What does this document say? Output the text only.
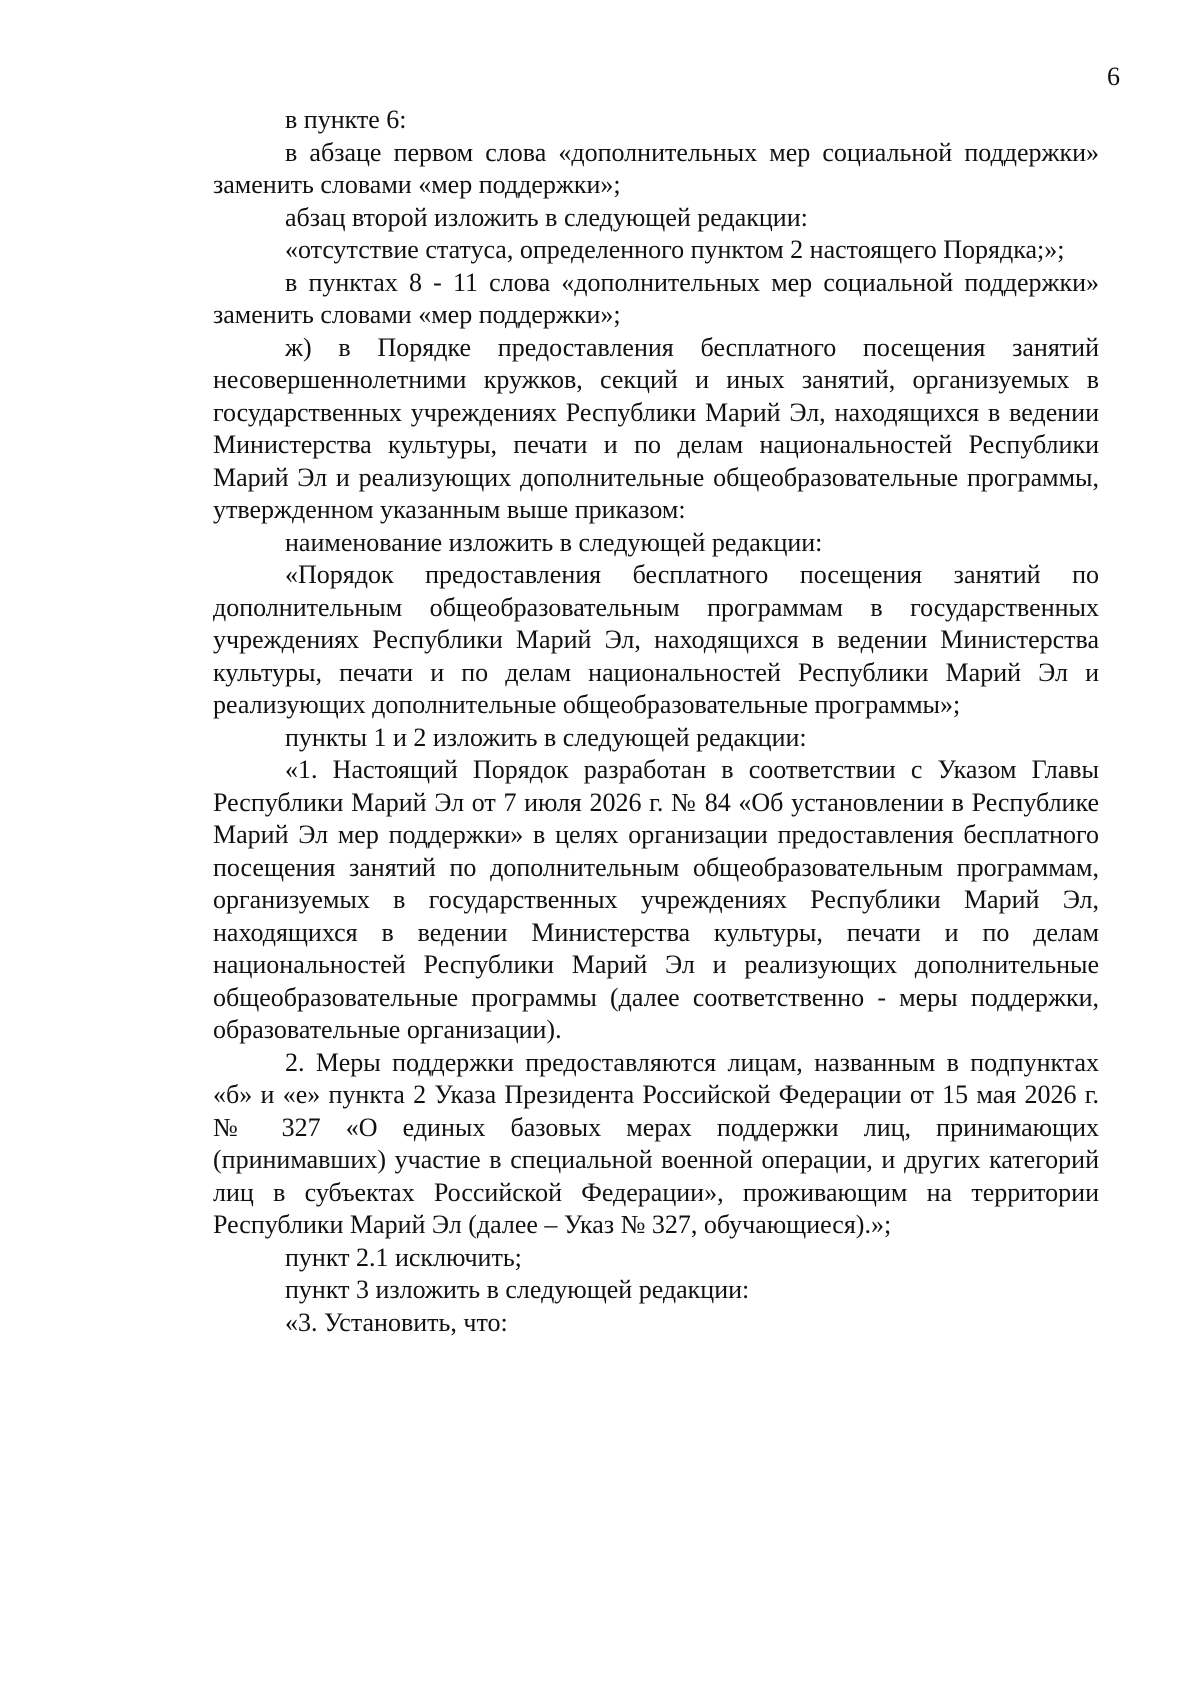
6

в пункте 6:

в абзаце первом слова «дополнительных мер социальной поддержки» заменить словами «мер поддержки»;

абзац второй изложить в следующей редакции:

«отсутствие статуса, определенного пунктом 2 настоящего Порядка;»;

в пунктах 8 - 11 слова «дополнительных мер социальной поддержки» заменить словами «мер поддержки»;

ж) в Порядке предоставления бесплатного посещения занятий несовершеннолетними кружков, секций и иных занятий, организуемых в государственных учреждениях Республики Марий Эл, находящихся в ведении Министерства культуры, печати и по делам национальностей Республики Марий Эл и реализующих дополнительные общеобразовательные программы, утвержденном указанным выше приказом:

наименование изложить в следующей редакции:

«Порядок предоставления бесплатного посещения занятий по дополнительным общеобразовательным программам в государственных учреждениях Республики Марий Эл, находящихся в ведении Министерства культуры, печати и по делам национальностей Республики Марий Эл и реализующих дополнительные общеобразовательные программы»;

пункты 1 и 2 изложить в следующей редакции:

«1. Настоящий Порядок разработан в соответствии с Указом Главы Республики Марий Эл от 7 июля 2026 г. № 84 «Об установлении в Республике Марий Эл мер поддержки» в целях организации предоставления бесплатного посещения занятий по дополнительным общеобразовательным программам, организуемых в государственных учреждениях Республики Марий Эл, находящихся в ведении Министерства культуры, печати и по делам национальностей Республики Марий Эл и реализующих дополнительные общеобразовательные программы (далее соответственно - меры поддержки, образовательные организации).

2. Меры поддержки предоставляются лицам, названным в подпунктах «б» и «е» пункта 2 Указа Президента Российской Федерации от 15 мая 2026 г. № 327 «О единых базовых мерах поддержки лиц, принимающих (принимавших) участие в специальной военной операции, и других категорий лиц в субъектах Российской Федерации», проживающим на территории Республики Марий Эл (далее – Указ № 327, обучающиеся).»;

пункт 2.1 исключить;

пункт 3 изложить в следующей редакции:

«3. Установить, что:
